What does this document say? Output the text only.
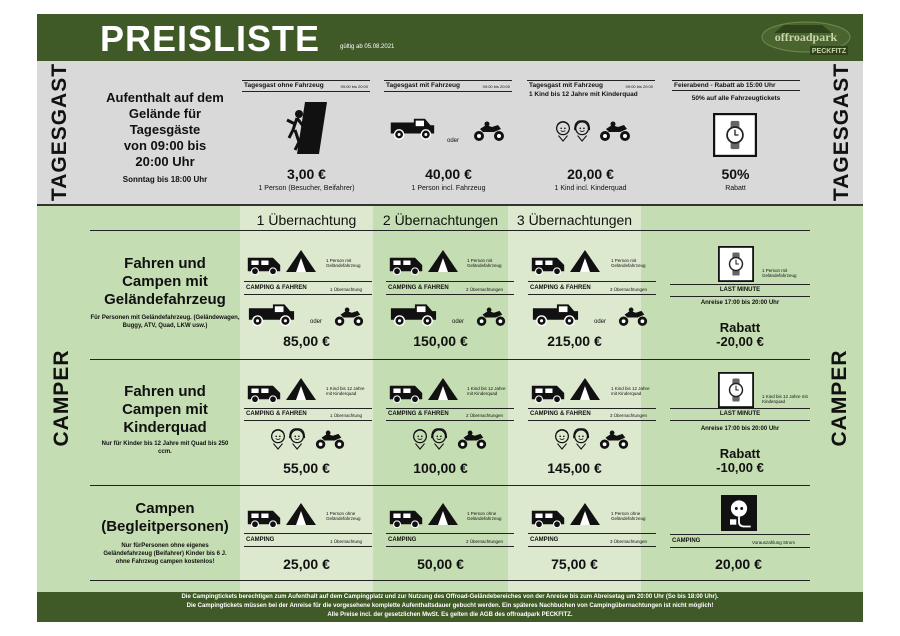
PREISLISTE	gültig ab 05.08.2021
offroadpark
PECKFITZ
TAGESGAST	TAGESGAST
Aufenthalt auf dem
Gelände für
Tagesgäste
von 09:00 bis
20:00 Uhr
Sonntag bis 18:00 Uhr
Tagesgast ohne Fahrzeug	09:00 bis 20:00
3,00 €
1 Person (Besucher, Beifahrer)
Tagesgast mit Fahrzeug	09:00 bis 20:00
oder
40,00 €
1 Person incl. Fahrzeug
Tagesgast mit Fahrzeug	09:00 bis 20:00
1 Kind bis 12 Jahre mit Kinderquad
20,00 €
1 Kind incl. Kinderquad
Feierabend - Rabatt ab 15:00 Uhr
50% auf alle Fahrzeugtickets
50%
Rabatt
CAMPER	CAMPER
1 Übernachtung	2 Übernachtungen	3 Übernachtungen
Fahren und
Campen mit
Geländefahrzeug
Für Personen mit Geländefahrzeug. (Geländewagen, Buggy, ATV, Quad, LKW usw.)
1 Person mit Geländefahrzeug
CAMPING & FAHREN	1 Übernachtung
oder
85,00 €
1 Person mit Geländefahrzeug
CAMPING & FAHREN	2 Übernachtungen
oder
150,00 €
1 Person mit Geländefahrzeug
CAMPING & FAHREN	3 Übernachtungen
oder
215,00 €
1 Person mit Geländefahrzeug
LAST MINUTE
Anreise 17:00 bis 20:00 Uhr
Rabatt
-20,00 €
Fahren und
Campen mit
Kinderquad
Nur für Kinder bis 12 Jahre mit Quad bis 250 ccm.
1 Kind bis 12 Jahre mit Kinderquad
CAMPING & FAHREN	1 Übernachtung
55,00 €
1 Kind bis 12 Jahre mit Kinderquad
CAMPING & FAHREN	2 Übernachtungen
100,00 €
1 Kind bis 12 Jahre mit Kinderquad
CAMPING & FAHREN	3 Übernachtungen
145,00 €
1 Kind bis 12 Jahre mit Kinderquad
LAST MINUTE
Anreise 17:00 bis 20:00 Uhr
Rabatt
-10,00 €
Campen
(Begleitpersonen)
Nur fürPersonen ohne eigenes Geländefahrzeug (Beifahrer) Kinder bis 6 J. ohne Fahrzeug campen kostenlos!
1 Person ohne Geländefahrzeug
CAMPING	1 Übernachtung
25,00 €
1 Person ohne Geländefahrzeug
CAMPING	2 Übernachtungen
50,00 €
1 Person ohne Geländefahrzeug
CAMPING	3 Übernachtungen
75,00 €
CAMPING	Vorauszahlung Strom
20,00 €
Die Campingtickets berechtigen zum Aufenthalt auf dem Campingplatz und zur Nutzung des Offroad-Geländebereiches von der Anreise bis zum Abreisetag um 20:00 Uhr (So bis 18:00 Uhr).
Die Campingtickets müssen bei der Anreise für die vorgesehene komplette Aufenthaltsdauer gebucht werden. Ein späteres Nachbuchen von Campingübernachtungen ist nicht möglich!
Alle Preise incl. der gesetzlichen MwSt. Es gelten die AGB des offroadpark PECKFITZ.
